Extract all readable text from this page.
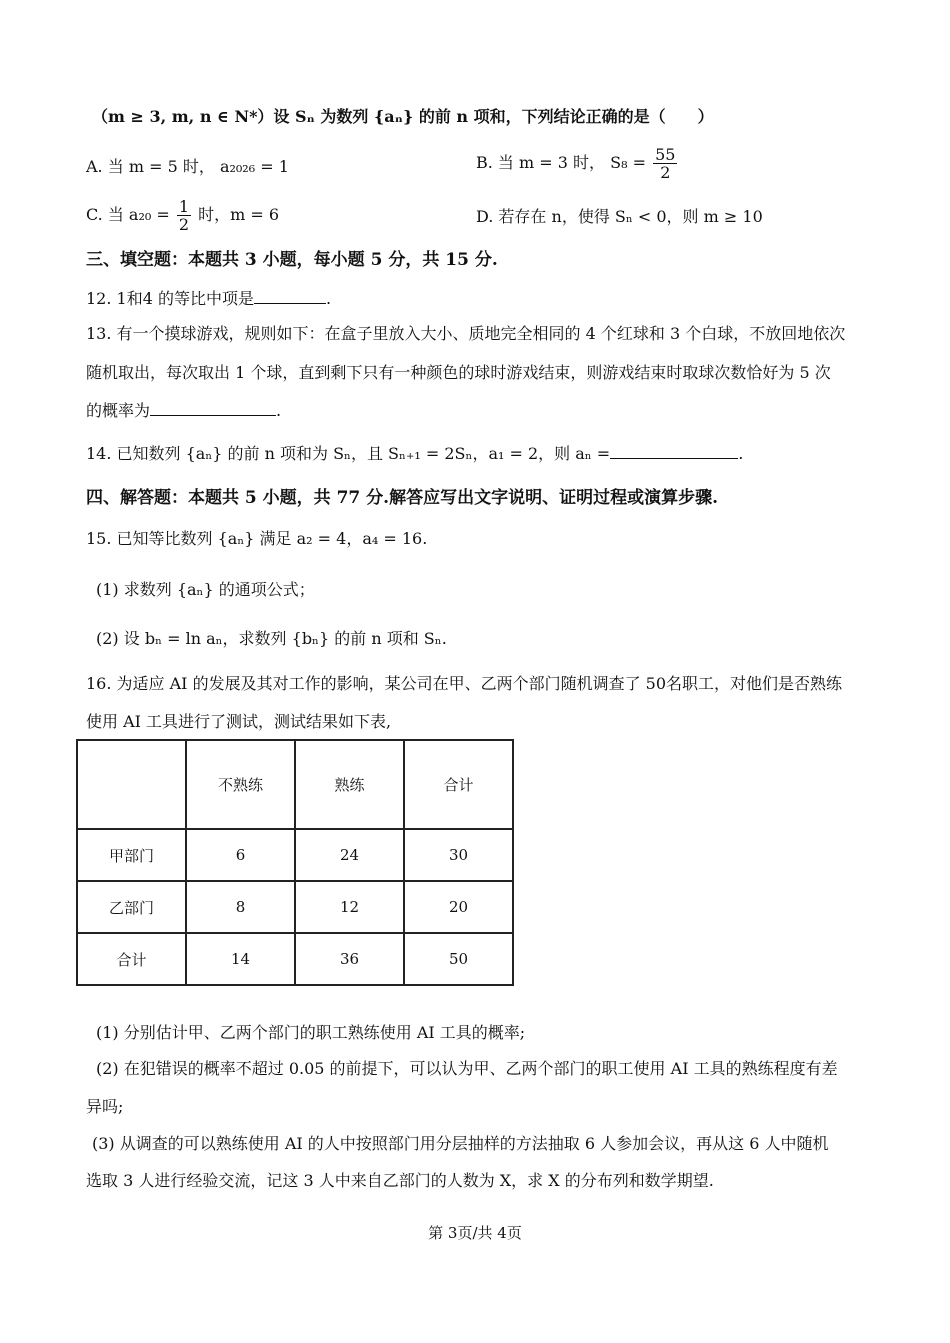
（m ≥ 3, m, n ∈ N*）设 Sₙ 为数列 {aₙ} 的前 n 项和，下列结论正确的是（　　）
A. 当 m = 5 时， a₂₀₂₆ = 1	B. 当 m = 3 时， $S_8 = \frac{55}{2}$
C. 当 $a_{20} = \frac{1}{2}$ 时，m = 6	D. 若存在 n，使得 Sₙ < 0，则 m ≥ 10
三、填空题：本题共 3 小题，每小题 5 分，共 15 分.
12. 1和4 的等比中项是	.
13. 有一个摸球游戏，规则如下：在盒子里放入大小、质地完全相同的 4 个红球和 3 个白球，不放回地依次
随机取出，每次取出 1 个球，直到剩下只有一种颜色的球时游戏结束，则游戏结束时取球次数恰好为 5 次
的概率为	.
14. 已知数列 {aₙ} 的前 n 项和为 Sₙ，且 Sₙ₊₁ = 2Sₙ，a₁ = 2，则 aₙ =	.
四、解答题：本题共 5 小题，共 77 分.解答应写出文字说明、证明过程或演算步骤.
15. 已知等比数列 {aₙ} 满足 a₂ = 4，a₄ = 16.
(1) 求数列 {aₙ} 的通项公式；
(2) 设 bₙ = ln aₙ，求数列 {bₙ} 的前 n 项和 Sₙ.
16. 为适应 AI 的发展及其对工作的影响，某公司在甲、乙两个部门随机调查了 50名职工，对他们是否熟练
使用 AI 工具进行了测试，测试结果如下表,
	不熟练	熟练	合计
甲部门	6	24	30
乙部门	8	12	20
合计	14	36	50
(1) 分别估计甲、乙两个部门的职工熟练使用 AI 工具的概率;
(2) 在犯错误的概率不超过 0.05 的前提下，可以认为甲、乙两个部门的职工使用 AI 工具的熟练程度有差
异吗;
(3) 从调查的可以熟练使用 AI 的人中按照部门用分层抽样的方法抽取 6 人参加会议，再从这 6 人中随机
选取 3 人进行经验交流，记这 3 人中来自乙部门的人数为 X，求 X 的分布列和数学期望.
第 3页/共 4页
